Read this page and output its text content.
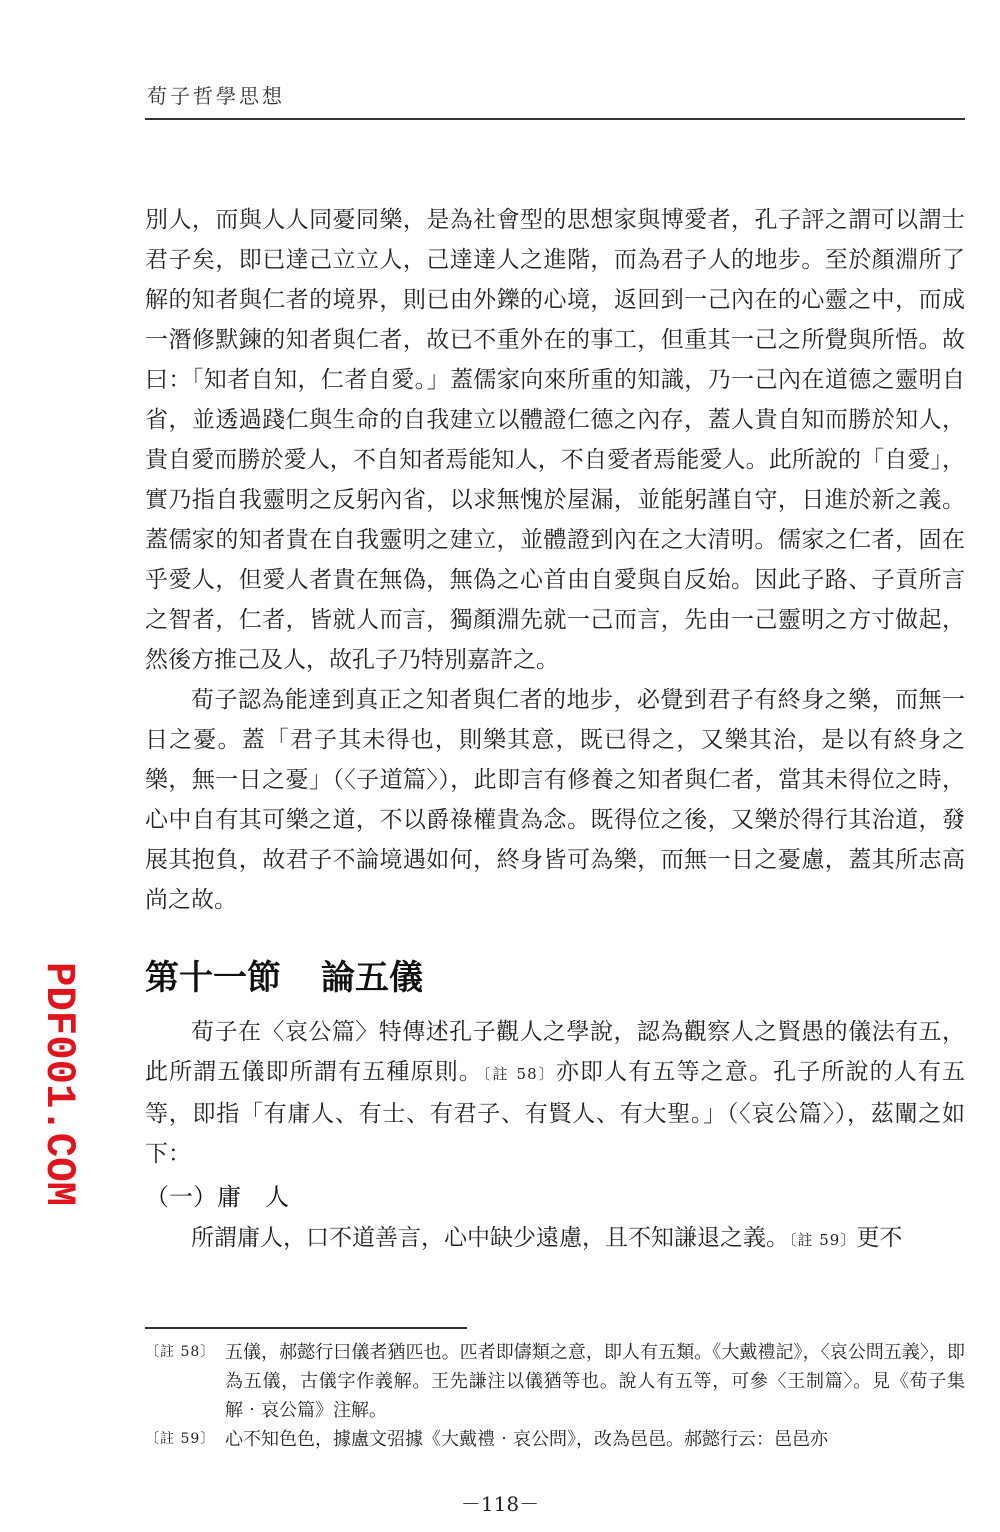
荀子哲學思想

別人，而與人人同憂同樂，是為社會型的思想家與博愛者，孔子評之謂可以謂士君子矣，即已達己立立人，己達達人之進階，而為君子人的地步。至於顏淵所了解的知者與仁者的境界，則已由外鑠的心境，返回到一己內在的心靈之中，而成一潛修默鍊的知者與仁者，故已不重外在的事工，但重其一己之所覺與所悟。故曰：「知者自知，仁者自愛。」蓋儒家向來所重的知識，乃一己內在道德之靈明自省，並透過踐仁與生命的自我建立以體證仁德之內存，蓋人貴自知而勝於知人，貴自愛而勝於愛人，不自知者焉能知人，不自愛者焉能愛人。此所說的「自愛」，實乃指自我靈明之反躬內省，以求無愧於屋漏，並能躬謹自守，日進於新之義。蓋儒家的知者貴在自我靈明之建立，並體證到內在之大清明。儒家之仁者，固在乎愛人，但愛人者貴在無偽，無偽之心首由自愛與自反始。因此子路、子貢所言之智者，仁者，皆就人而言，獨顏淵先就一己而言，先由一己靈明之方寸做起，然後方推己及人，故孔子乃特別嘉許之。

荀子認為能達到真正之知者與仁者的地步，必覺到君子有終身之樂，而無一日之憂。蓋「君子其未得也，則樂其意，既已得之，又樂其治，是以有終身之樂，無一日之憂」（〈子道篇〉），此即言有修養之知者與仁者，當其未得位之時，心中自有其可樂之道，不以爵祿權貴為念。既得位之後，又樂於得行其治道，發展其抱負，故君子不論境遇如何，終身皆可為樂，而無一日之憂慮，蓋其所志高尚之故。

第十一節 論五儀

荀子在〈哀公篇〉特傳述孔子觀人之學說，認為觀察人之賢愚的儀法有五，此所謂五儀即所謂有五種原則。〔註 58〕亦即人有五等之意。孔子所說的人有五等，即指「有庸人、有士、有君子、有賢人、有大聖。」（〈哀公篇〉），茲闡之如下：

（一）庸　人

所謂庸人，口不道善言，心中缺少遠慮，且不知謙退之義。〔註 59〕更不

〔註 58〕 五儀，郝懿行曰儀者猶匹也。匹者即儔類之意，即人有五類。《大戴禮記》，〈哀公問五義〉，即為五儀，古儀字作義解。王先謙注以儀猶等也。說人有五等，可參〈王制篇〉。見《荀子集解‧哀公篇》注解。
〔註 59〕 心不知色色，據盧文弨據《大戴禮‧哀公問》，改為邑邑。郝懿行云：邑邑亦
－118－
PDF001.COM
